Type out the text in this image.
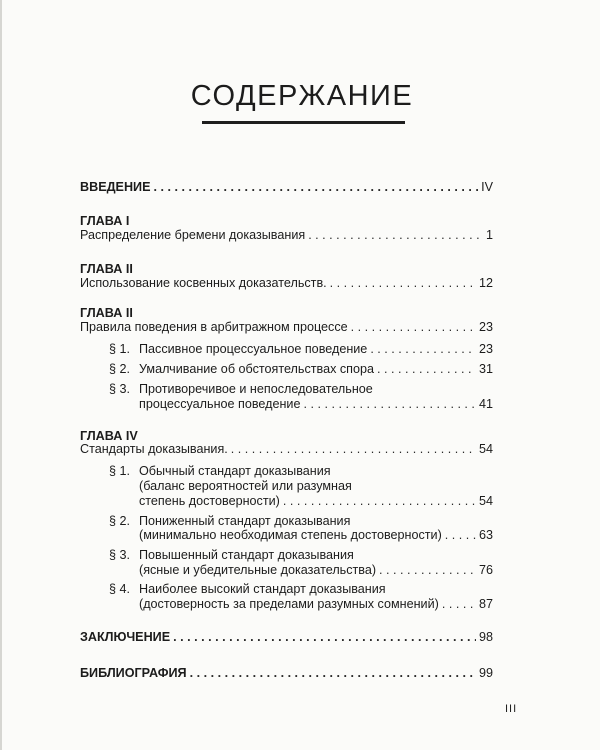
СОДЕРЖАНИЕ
ВВЕДЕНИЕ . . .	IV
ГЛАВА I
Распределение бремени доказывания . . .	1
ГЛАВА II
Использование косвенных доказательств. . . .	12
ГЛАВА II
Правила поведения в арбитражном процессе . . .	23
§ 1. Пассивное процессуальное поведение . . .	23
§ 2. Умалчивание об обстоятельствах спора . . .	31
§ 3. Противоречивое и непоследовательное
процессуальное поведение . . .	41
ГЛАВА IV
Стандарты доказывания. . . .	54
§ 1. Обычный стандарт доказывания
(баланс вероятностей или разумная
степень достоверности) . . .	54
§ 2. Пониженный стандарт доказывания
(минимально необходимая степень достоверности) . . .	63
§ 3. Повышенный стандарт доказывания
(ясные и убедительные доказательства) . . .	76
§ 4. Наиболее высокий стандарт доказывания
(достоверность за пределами разумных сомнений) . . .	87
ЗАКЛЮЧЕНИЕ . . .	98
БИБЛИОГРАФИЯ . . .	99
III
